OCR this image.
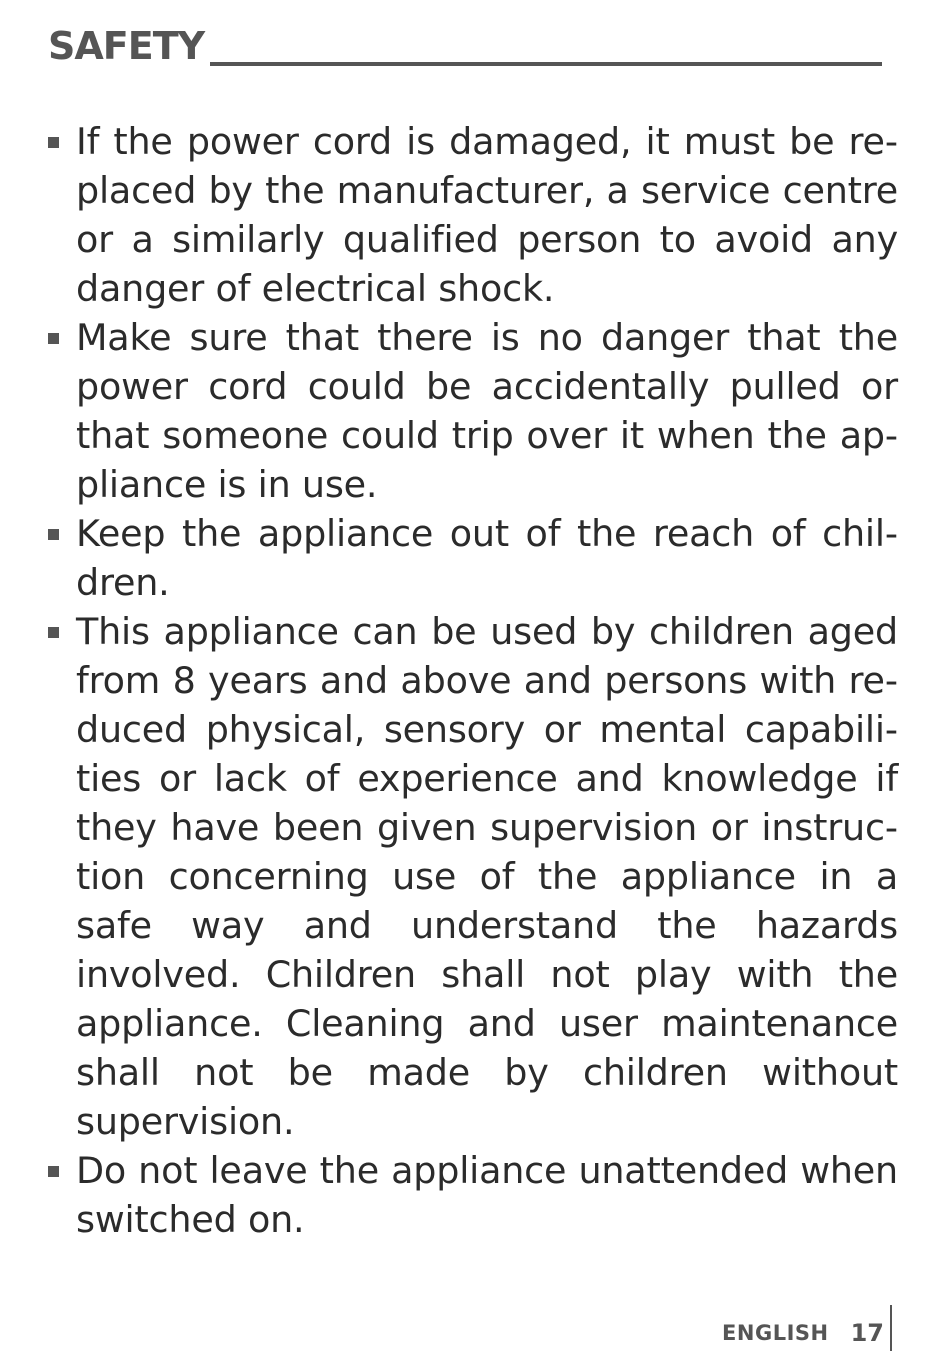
SAFETY
If the power cord is damaged, it must be replaced by the manufacturer, a service centre or a similarly qualified person to avoid any danger of electrical shock.
Make sure that there is no danger that the power cord could be accidentally pulled or that someone could trip over it when the appliance is in use.
Keep the appliance out of the reach of children.
This appliance can be used by children aged from 8 years and above and persons with reduced physical, sensory or mental capabilities or lack of experience and knowledge if they have been given supervision or instruction concerning use of the appliance in a safe way and understand the hazards involved. Children shall not play with the appliance. Cleaning and user maintenance shall not be made by children without supervision.
Do not leave the appliance unattended when switched on.
ENGLISH 17
